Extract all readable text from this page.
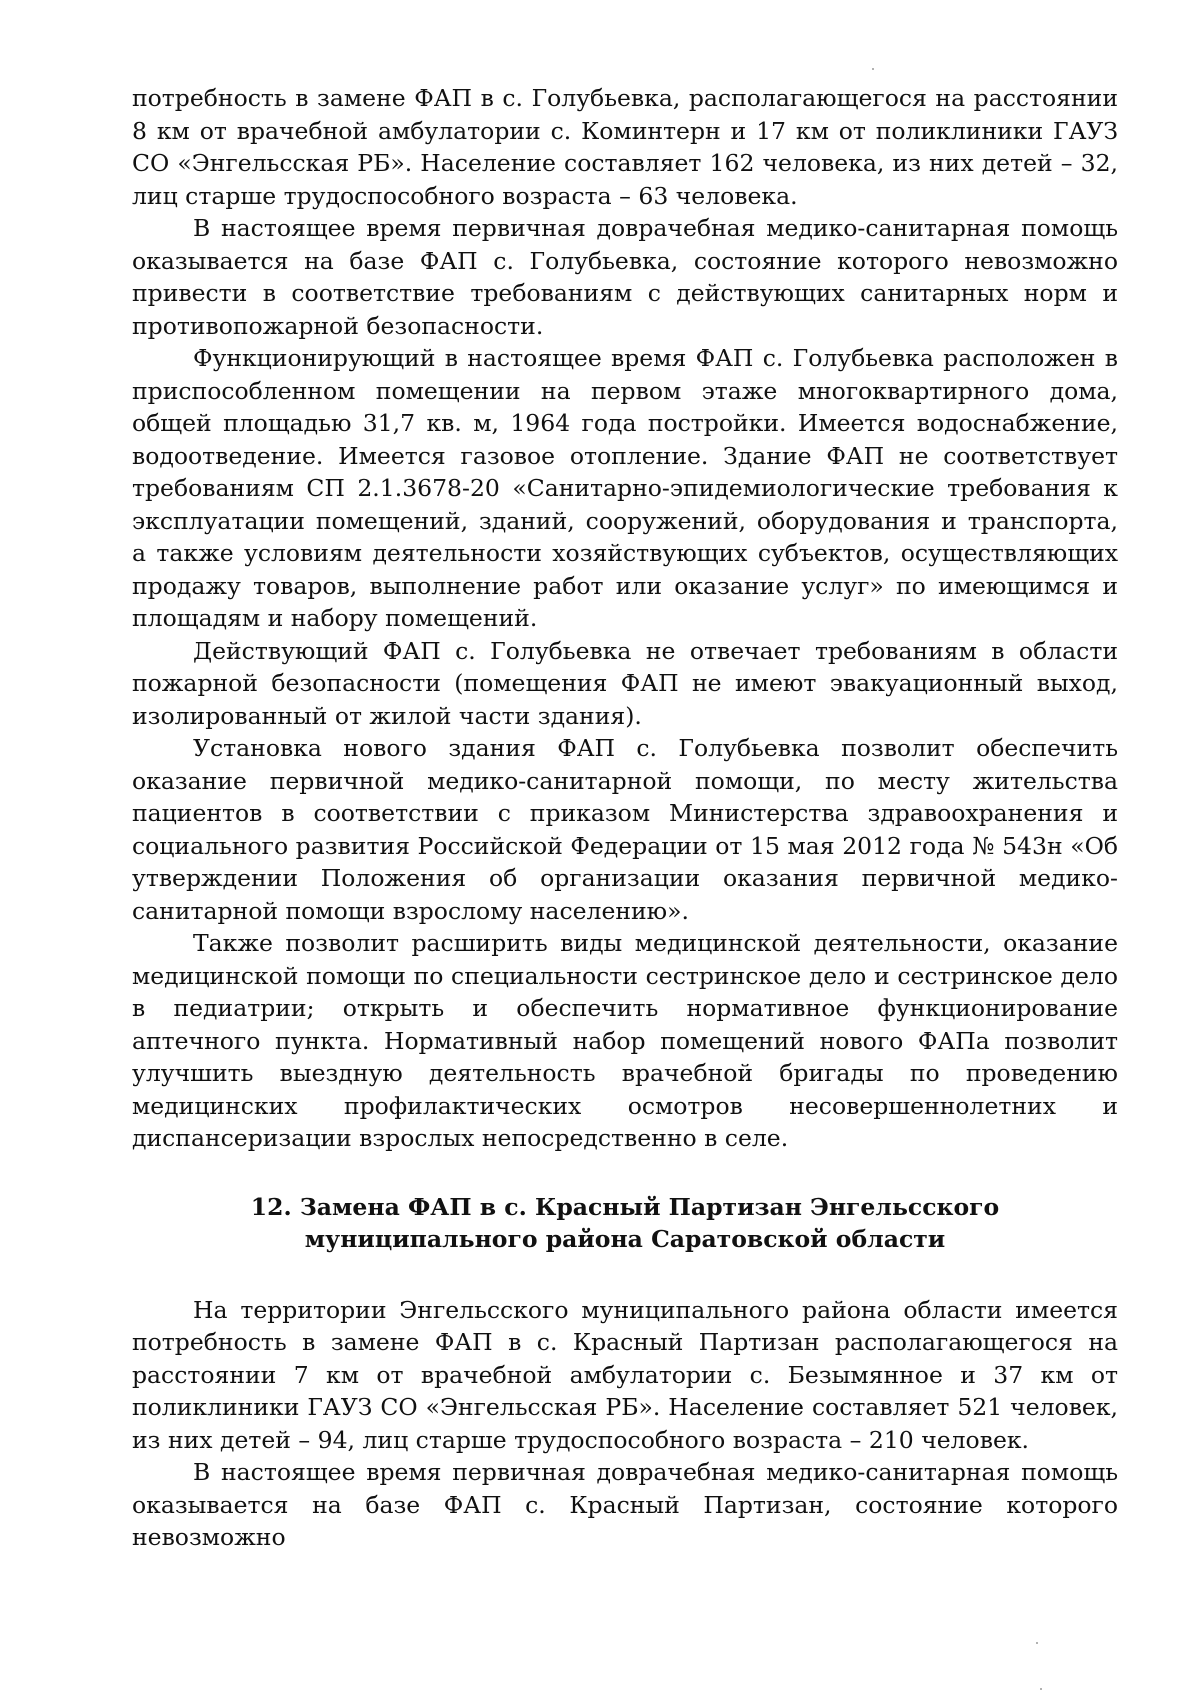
потребность в замене ФАП в с. Голубьевка, располагающегося на расстоянии 8 км от врачебной амбулатории с. Коминтерн и 17 км от поликлиники ГАУЗ СО «Энгельсская РБ». Население составляет 162 человека, из них детей – 32, лиц старше трудоспособного возраста – 63 человека.

В настоящее время первичная доврачебная медико-санитарная помощь оказывается на базе ФАП с. Голубьевка, состояние которого невозможно привести в соответствие требованиям с действующих санитарных норм и противопожарной безопасности.

Функционирующий в настоящее время ФАП с. Голубьевка расположен в приспособленном помещении на первом этаже многоквартирного дома, общей площадью 31,7 кв. м, 1964 года постройки. Имеется водоснабжение, водоотведение. Имеется газовое отопление. Здание ФАП не соответствует требованиям СП 2.1.3678-20 «Санитарно-эпидемиологические требования к эксплуатации помещений, зданий, сооружений, оборудования и транспорта, а также условиям деятельности хозяйствующих субъектов, осуществляющих продажу товаров, выполнение работ или оказание услуг» по имеющимся и площадям и набору помещений.

Действующий ФАП с. Голубьевка не отвечает требованиям в области пожарной безопасности (помещения ФАП не имеют эвакуационный выход, изолированный от жилой части здания).

Установка нового здания ФАП с. Голубьевка позволит обеспечить оказание первичной медико-санитарной помощи, по месту жительства пациентов в соответствии с приказом Министерства здравоохранения и социального развития Российской Федерации от 15 мая 2012 года № 543н «Об утверждении Положения об организации оказания первичной медико-санитарной помощи взрослому населению».

Также позволит расширить виды медицинской деятельности, оказание медицинской помощи по специальности сестринское дело и сестринское дело в педиатрии; открыть и обеспечить нормативное функционирование аптечного пункта. Нормативный набор помещений нового ФАПа позволит улучшить выездную деятельность врачебной бригады по проведению медицинских профилактических осмотров несовершеннолетних и диспансеризации взрослых непосредственно в селе.

12. Замена ФАП в с. Красный Партизан Энгельсского муниципального района Саратовской области

На территории Энгельсского муниципального района области имеется потребность в замене ФАП в с. Красный Партизан располагающегося на расстоянии 7 км от врачебной амбулатории с. Безымянное и 37 км от поликлиники ГАУЗ СО «Энгельсская РБ». Население составляет 521 человек, из них детей – 94, лиц старше трудоспособного возраста – 210 человек.

В настоящее время первичная доврачебная медико-санитарная помощь оказывается на базе ФАП с. Красный Партизан, состояние которого невозможно
